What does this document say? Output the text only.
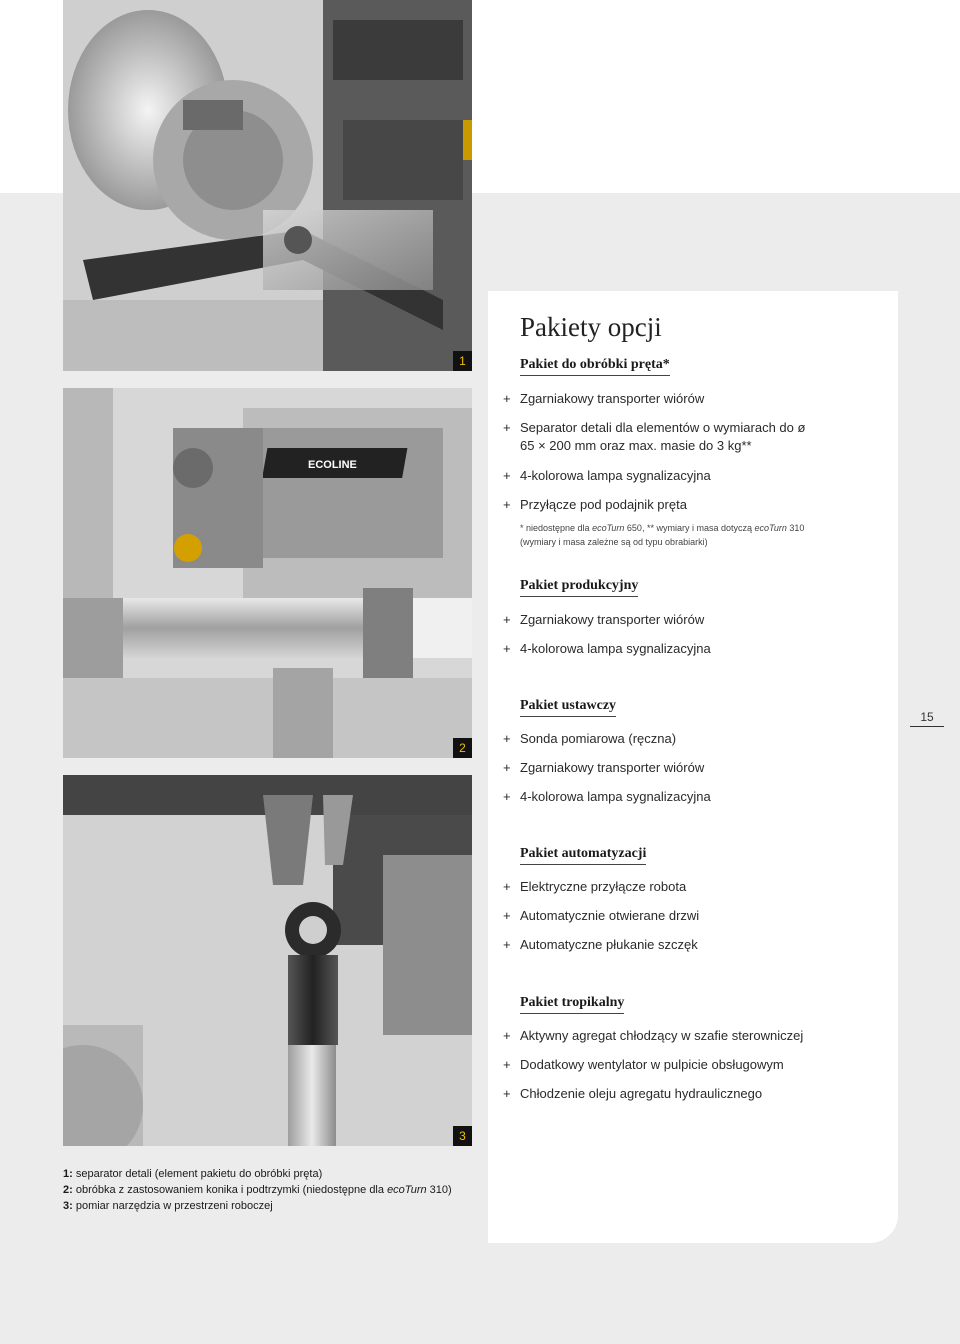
1
ECOLINE
2
3
Pakiety opcji
Pakiet do obróbki pręta*
+ Zgarniakowy transporter wiórów
+ Separator detali dla elementów o wymiarach do ø 65 × 200 mm oraz max. masie do 3 kg**
+ 4-kolorowa lampa sygnalizacyjna
+ Przyłącze pod podajnik pręta
* niedostępne dla ecoTurn 650, ** wymiary i masa dotyczą ecoTurn 310 (wymiary i masa zależne są od typu obrabiarki)
Pakiet produkcyjny
+ Zgarniakowy transporter wiórów
+ 4-kolorowa lampa sygnalizacyjna
Pakiet ustawczy
+ Sonda pomiarowa (ręczna)
+ Zgarniakowy transporter wiórów
+ 4-kolorowa lampa sygnalizacyjna
Pakiet automatyzacji
+ Elektryczne przyłącze robota
+ Automatycznie otwierane drzwi
+ Automatyczne płukanie szczęk
Pakiet tropikalny
+ Aktywny agregat chłodzący w szafie sterowniczej
+ Dodatkowy wentylator w pulpicie obsługowym
+ Chłodzenie oleju agregatu hydraulicznego
15
1: separator detali (element pakietu do obróbki pręta)
2: obróbka z zastosowaniem konika i podtrzymki (niedostępne dla ecoTurn 310)
3: pomiar narzędzia w przestrzeni roboczej
